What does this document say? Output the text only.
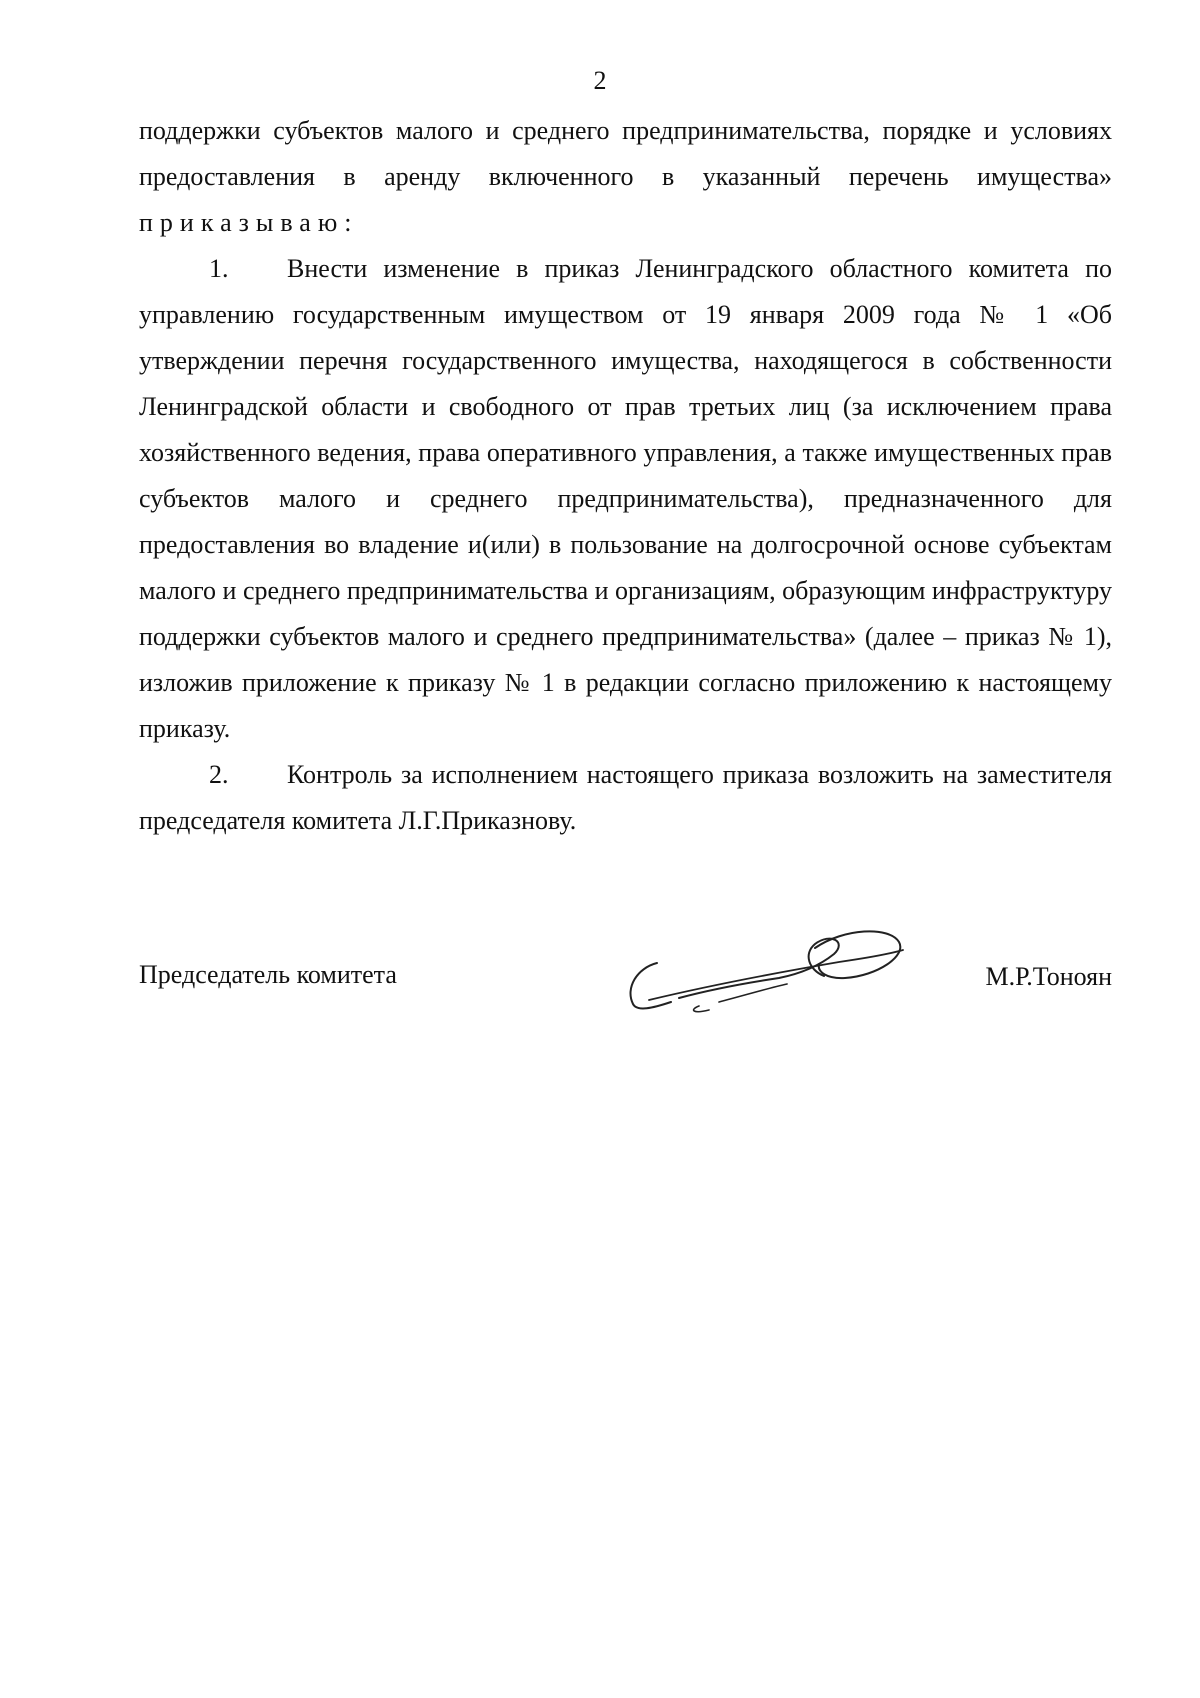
2

поддержки субъектов малого и среднего предпринимательства, порядке и условиях предоставления в аренду включенного в указанный перечень имущества» приказываю:

1. Внести изменение в приказ Ленинградского областного комитета по управлению государственным имуществом от 19 января 2009 года № 1 «Об утверждении перечня государственного имущества, находящегося в собственности Ленинградской области и свободного от прав третьих лиц (за исключением права хозяйственного ведения, права оперативного управления, а также имущественных прав субъектов малого и среднего предпринимательства), предназначенного для предоставления во владение и(или) в пользование на долгосрочной основе субъектам малого и среднего предпринимательства и организациям, образующим инфраструктуру поддержки субъектов малого и среднего предпринимательства» (далее – приказ № 1), изложив приложение к приказу № 1 в редакции согласно приложению к настоящему приказу.

2. Контроль за исполнением настоящего приказа возложить на заместителя председателя комитета Л.Г.Приказнову.

Председатель комитета	М.Р.Тоноян
